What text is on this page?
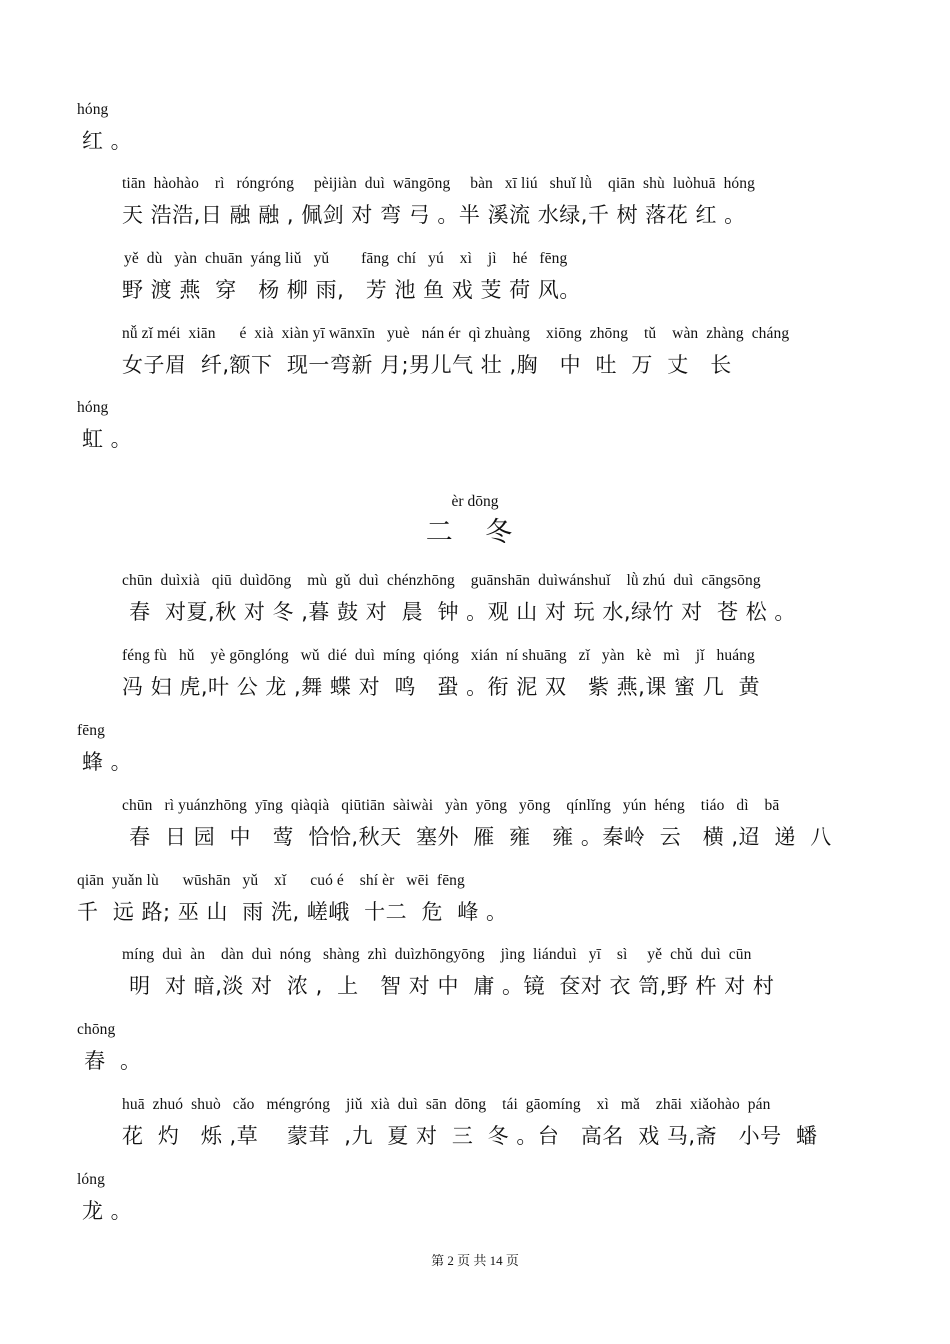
hóng
红 。
tiān  hàohào    rì   róngróng     pèijiàn  duì  wāngōng     bàn   xī liú   shuǐ lǜ    qiān  shù  luòhuā  hóng
天 浩浩,日 融 融 , 佩剑 对 弯 弓 。半 溪流 水绿,千 树 落花 红 。
yě  dù   yàn  chuān  yáng liǔ   yǔ        fāng  chí   yú    xì    jì    hé   fēng
野 渡 燕  穿   杨 柳 雨,   芳 池 鱼 戏 芰 荷 风。
nǚ zǐ méi  xiān      é  xià  xiàn yī wānxīn   yuè   nán ér  qì zhuàng    xiōng  zhōng    tǔ    wàn  zhàng  cháng
女子眉  纤,额下  现一弯新 月;男儿气 壮 ,胸   中  吐  万  丈   长
hóng
虹 。
èr dōng
二 冬
chūn  duìxià   qiū  duìdōng    mù  gǔ  duì  chénzhōng    guānshān  duìwánshuǐ    lǜ zhú  duì  cāngsōng
春  对夏,秋 对 冬 ,暮 鼓 对  晨  钟 。观 山 对 玩 水,绿竹 对  苍 松 。
féng fù   hǔ    yè gōnglóng   wǔ  dié  duì  míng  qióng   xián  ní shuāng   zǐ   yàn   kè   mì    jǐ   huáng
冯 妇 虎,叶 公 龙 ,舞 蝶 对  鸣   蛩 。衔 泥 双   紫 燕,课 蜜 几  黄
fēng
蜂 。
chūn   rì yuánzhōng  yīng  qiàqià   qiūtiān  sàiwài   yàn  yōng   yōng    qínlǐng   yún  héng    tiáo   dì    bā
春  日 园  中   莺  恰恰,秋天  塞外  雁  雍   雍 。秦岭  云   横 ,迢  递  八
qiān  yuǎn lù      wūshān   yǔ    xǐ      cuó é    shí èr   wēi  fēng
千  远 路; 巫 山  雨 洗, 嵯峨  十二  危  峰 。
míng  duì  àn    dàn  duì  nóng   shàng  zhì  duìzhōngyōng    jìng  liánduì   yī    sì     yě  chǔ  duì  cūn
明  对 暗,淡 对  浓 ,  上   智 对 中  庸 。镜  奁对 衣 笥,野 杵 对 村
chōng
舂  。
huā  zhuó  shuò   cǎo   méngróng    jiǔ  xià  duì  sān  dōng    tái  gāomíng    xì   mǎ    zhāi  xiǎohào  pán
花  灼   烁 ,草    蒙茸  ,九  夏 对  三  冬 。台   高名  戏 马,斋   小号  蟠
lóng
龙 。
第 2 页 共 14 页
